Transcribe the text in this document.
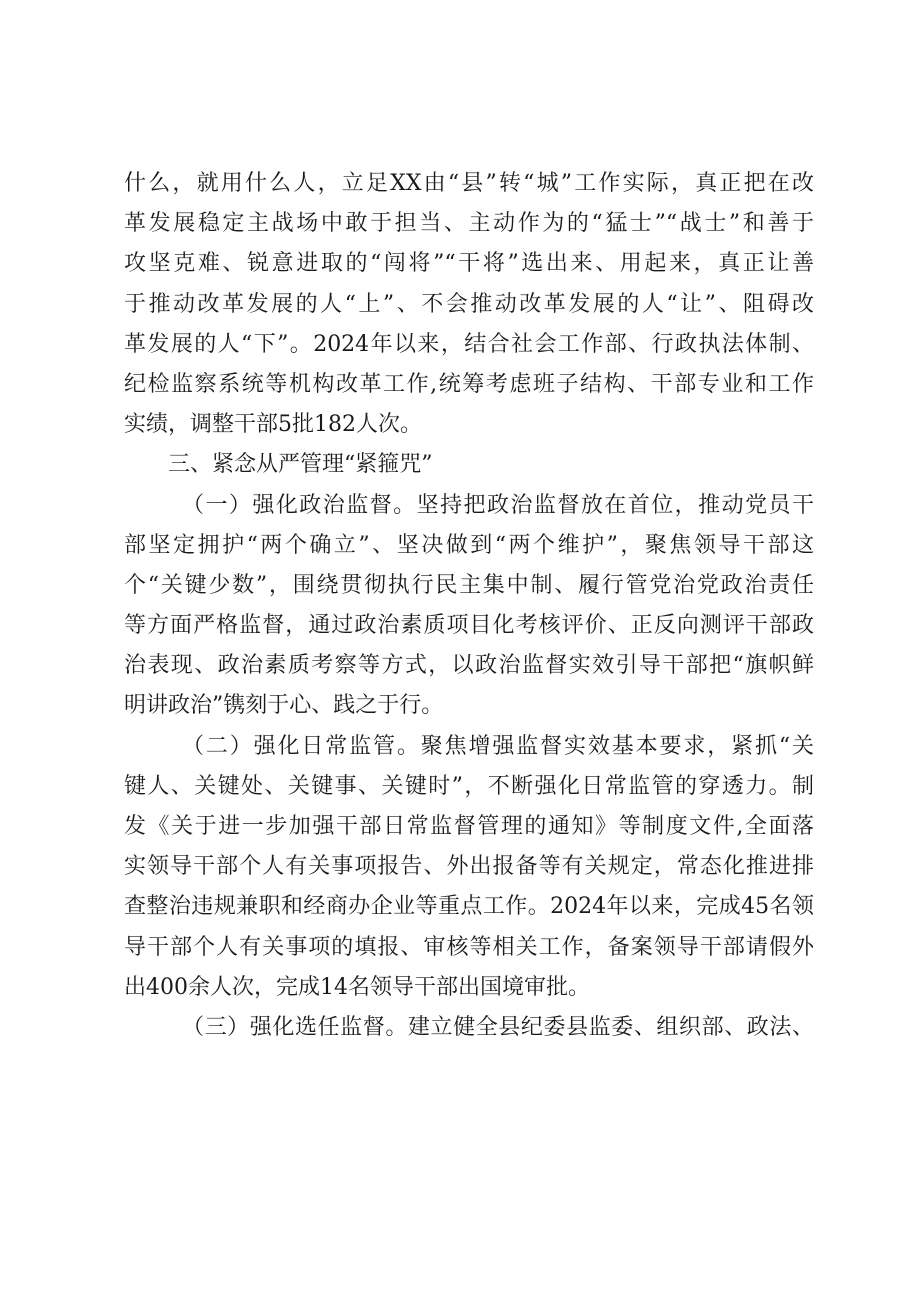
什么，就用什么人，立足XX由“县”转“城”工作实际，真正把在改
革发展稳定主战场中敢于担当、主动作为的“猛士”“战士”和善于
攻坚克难、锐意进取的“闯将”“干将”选出来、用起来，真正让善
于推动改革发展的人“上”、不会推动改革发展的人“让”、阻碍改
革发展的人“下”。2024年以来，结合社会工作部、行政执法体制、
纪检监察系统等机构改革工作,统筹考虑班子结构、干部专业和工作
实绩，调整干部5批182人次。
三、紧念从严管理“紧箍咒”
（一）强化政治监督。坚持把政治监督放在首位，推动党员干
部坚定拥护“两个确立”、坚决做到“两个维护”，聚焦领导干部这
个“关键少数”，围绕贯彻执行民主集中制、履行管党治党政治责任
等方面严格监督，通过政治素质项目化考核评价、正反向测评干部政
治表现、政治素质考察等方式，以政治监督实效引导干部把“旗帜鲜
明讲政治”镌刻于心、践之于行。
（二）强化日常监管。聚焦增强监督实效基本要求，紧抓“关
键人、关键处、关键事、关键时”，不断强化日常监管的穿透力。制
发《关于进一步加强干部日常监督管理的通知》等制度文件,全面落
实领导干部个人有关事项报告、外出报备等有关规定，常态化推进排
查整治违规兼职和经商办企业等重点工作。2024年以来，完成45名领
导干部个人有关事项的填报、审核等相关工作，备案领导干部请假外
出400余人次，完成14名领导干部出国境审批。
（三）强化选任监督。建立健全县纪委县监委、组织部、政法、
